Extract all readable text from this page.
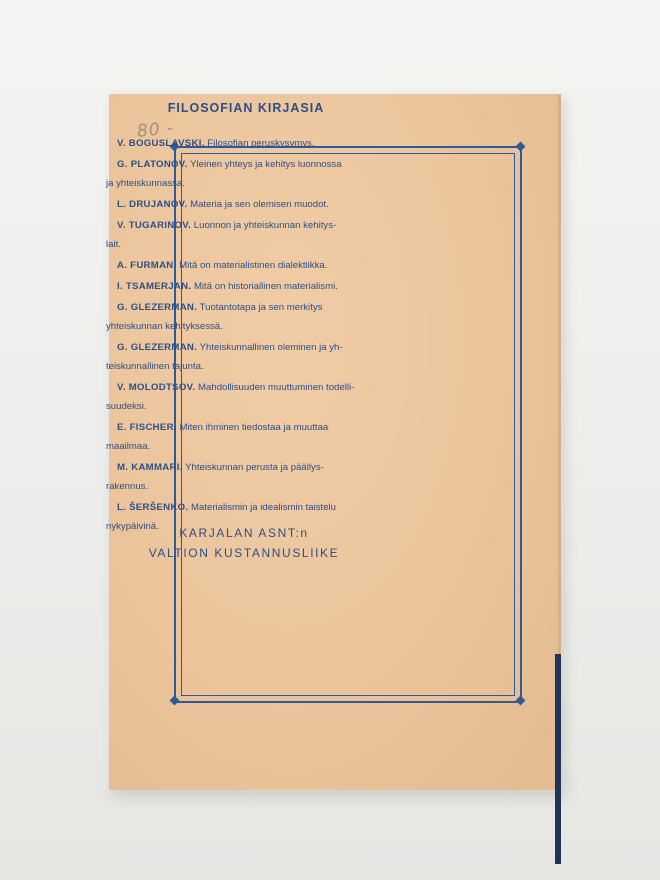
80 -
FILOSOFIAN KIRJASIA
V. BOGUSLAVSKI. Filosofian peruskysymys.
G. PLATONOV. Yleinen yhteys ja kehitys luonnossa
ja yhteiskunnassa.
L. DRUJANOV. Materia ja sen olemisen muodot.
V. TUGARINOV. Luonnon ja yhteiskunnan kehitys-
lait.
A. FURMAN. Mitä on materialistinen dialektiikka.
I. TSAMERJAN. Mitä on historiallinen materialismi.
G. GLEZERMAN. Tuotantotapa ja sen merkitys
yhteiskunnan kehityksessä.
G. GLEZERMAN. Yhteiskunnallinen oleminen ja yh-
teiskunnallinen tajunta.
V. MOLODTSOV. Mahdollisuuden muuttuminen todelli-
suudeksi.
E. FISCHER. Miten ihminen tiedostaa ja muuttaa
maailmaa.
M. KAMMARI. Yhteiskunnan perusta ja päällys-
rakennus.
L. ŠERŠENKO. Materialismin ja idealismin taistelu
nykypäivinä.	KARJALAN ASNT:n
VALTION KUSTANNUSLIIKE
